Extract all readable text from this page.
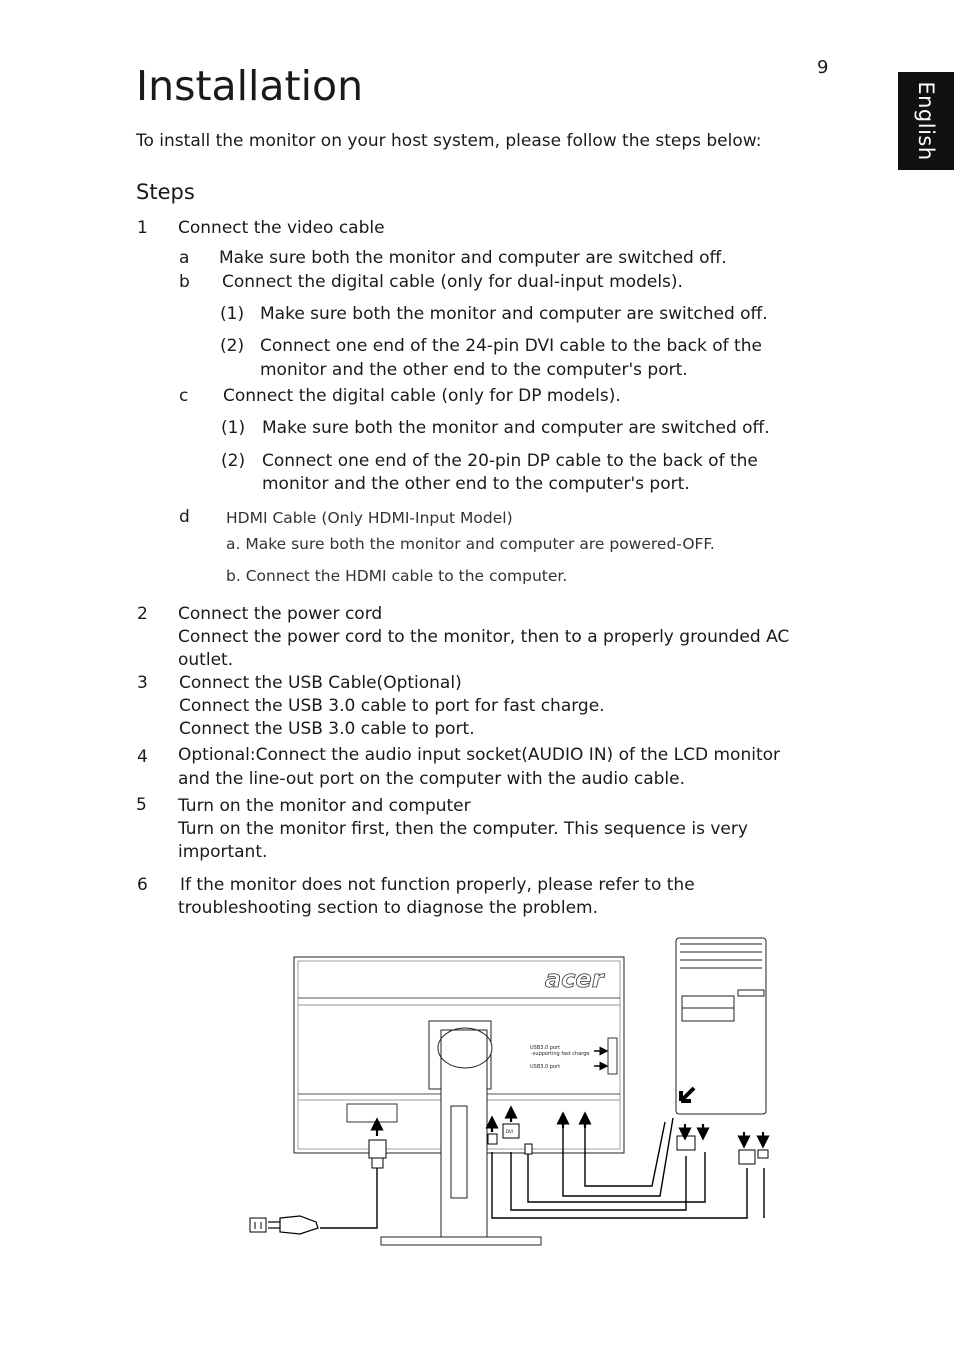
Installation	9
English
To install the monitor on your host system, please follow the steps below:
Steps
1 Connect the video cable
a Make sure both the monitor and computer are switched off.
b Connect the digital cable (only for dual-input models).
(1) Make sure both the monitor and computer are switched off.
(2) Connect one end of the 24-pin DVI cable to the back of the
monitor and the other end to the computer's port.
c Connect the digital cable (only for DP models).
(1) Make sure both the monitor and computer are switched off.
(2) Connect one end of the 20-pin DP cable to the back of the
monitor and the other end to the computer's port.
d HDMI Cable (Only HDMI-Input Model)
a. Make sure both the monitor and computer are powered-OFF.
b. Connect the HDMI cable to the computer.
2 Connect the power cord
Connect the power cord to the monitor, then to a properly grounded AC
outlet.
3 Connect the USB Cable(Optional)
Connect the USB 3.0 cable to port for fast charge.
Connect the USB 3.0 cable to port.
4 Optional:Connect the audio input socket(AUDIO IN) of the LCD monitor
and the line-out port on the computer with the audio cable.
5 Turn on the monitor and computer
Turn on the monitor first, then the computer. This sequence is very
important.
6 If the monitor does not function properly, please refer to the
troubleshooting section to diagnose the problem.
acer
USB3.0 port
-supporting fast charge
USB3.0 port
DVI
